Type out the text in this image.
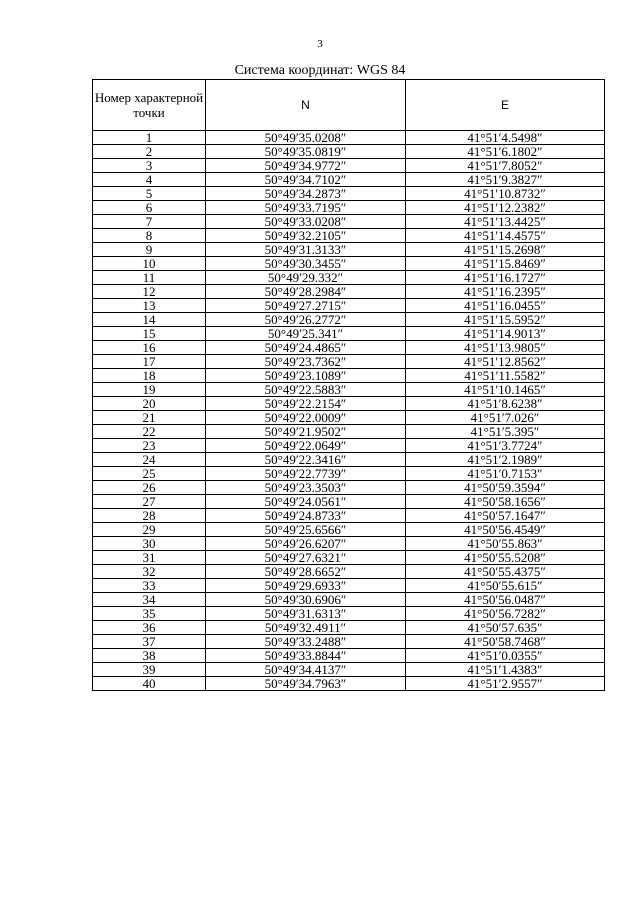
3
Система координат: WGS 84
Номер характерной точки	N	E
1	50°49′35.0208″	41°51′4.5498″
2	50°49′35.0819″	41°51′6.1802″
3	50°49′34.9772″	41°51′7.8052″
4	50°49′34.7102″	41°51′9.3827″
5	50°49′34.2873″	41°51′10.8732″
6	50°49′33.7195″	41°51′12.2382″
7	50°49′33.0208″	41°51′13.4425″
8	50°49′32.2105″	41°51′14.4575″
9	50°49′31.3133″	41°51′15.2698″
10	50°49′30.3455″	41°51′15.8469″
11	50°49′29.332″	41°51′16.1727″
12	50°49′28.2984″	41°51′16.2395″
13	50°49′27.2715″	41°51′16.0455″
14	50°49′26.2772″	41°51′15.5952″
15	50°49′25.341″	41°51′14.9013″
16	50°49′24.4865″	41°51′13.9805″
17	50°49′23.7362″	41°51′12.8562″
18	50°49′23.1089″	41°51′11.5582″
19	50°49′22.5883″	41°51′10.1465″
20	50°49′22.2154″	41°51′8.6238″
21	50°49′22.0009″	41°51′7.026″
22	50°49′21.9502″	41°51′5.395″
23	50°49′22.0649″	41°51′3.7724″
24	50°49′22.3416″	41°51′2.1989″
25	50°49′22.7739″	41°51′0.7153″
26	50°49′23.3503″	41°50′59.3594″
27	50°49′24.0561″	41°50′58.1656″
28	50°49′24.8733″	41°50′57.1647″
29	50°49′25.6566″	41°50′56.4549″
30	50°49′26.6207″	41°50′55.863″
31	50°49′27.6321″	41°50′55.5208″
32	50°49′28.6652″	41°50′55.4375″
33	50°49′29.6933″	41°50′55.615″
34	50°49′30.6906″	41°50′56.0487″
35	50°49′31.6313″	41°50′56.7282″
36	50°49′32.4911″	41°50′57.635″
37	50°49′33.2488″	41°50′58.7468″
38	50°49′33.8844″	41°51′0.0355″
39	50°49′34.4137″	41°51′1.4383″
40	50°49′34.7963″	41°51′2.9557″
